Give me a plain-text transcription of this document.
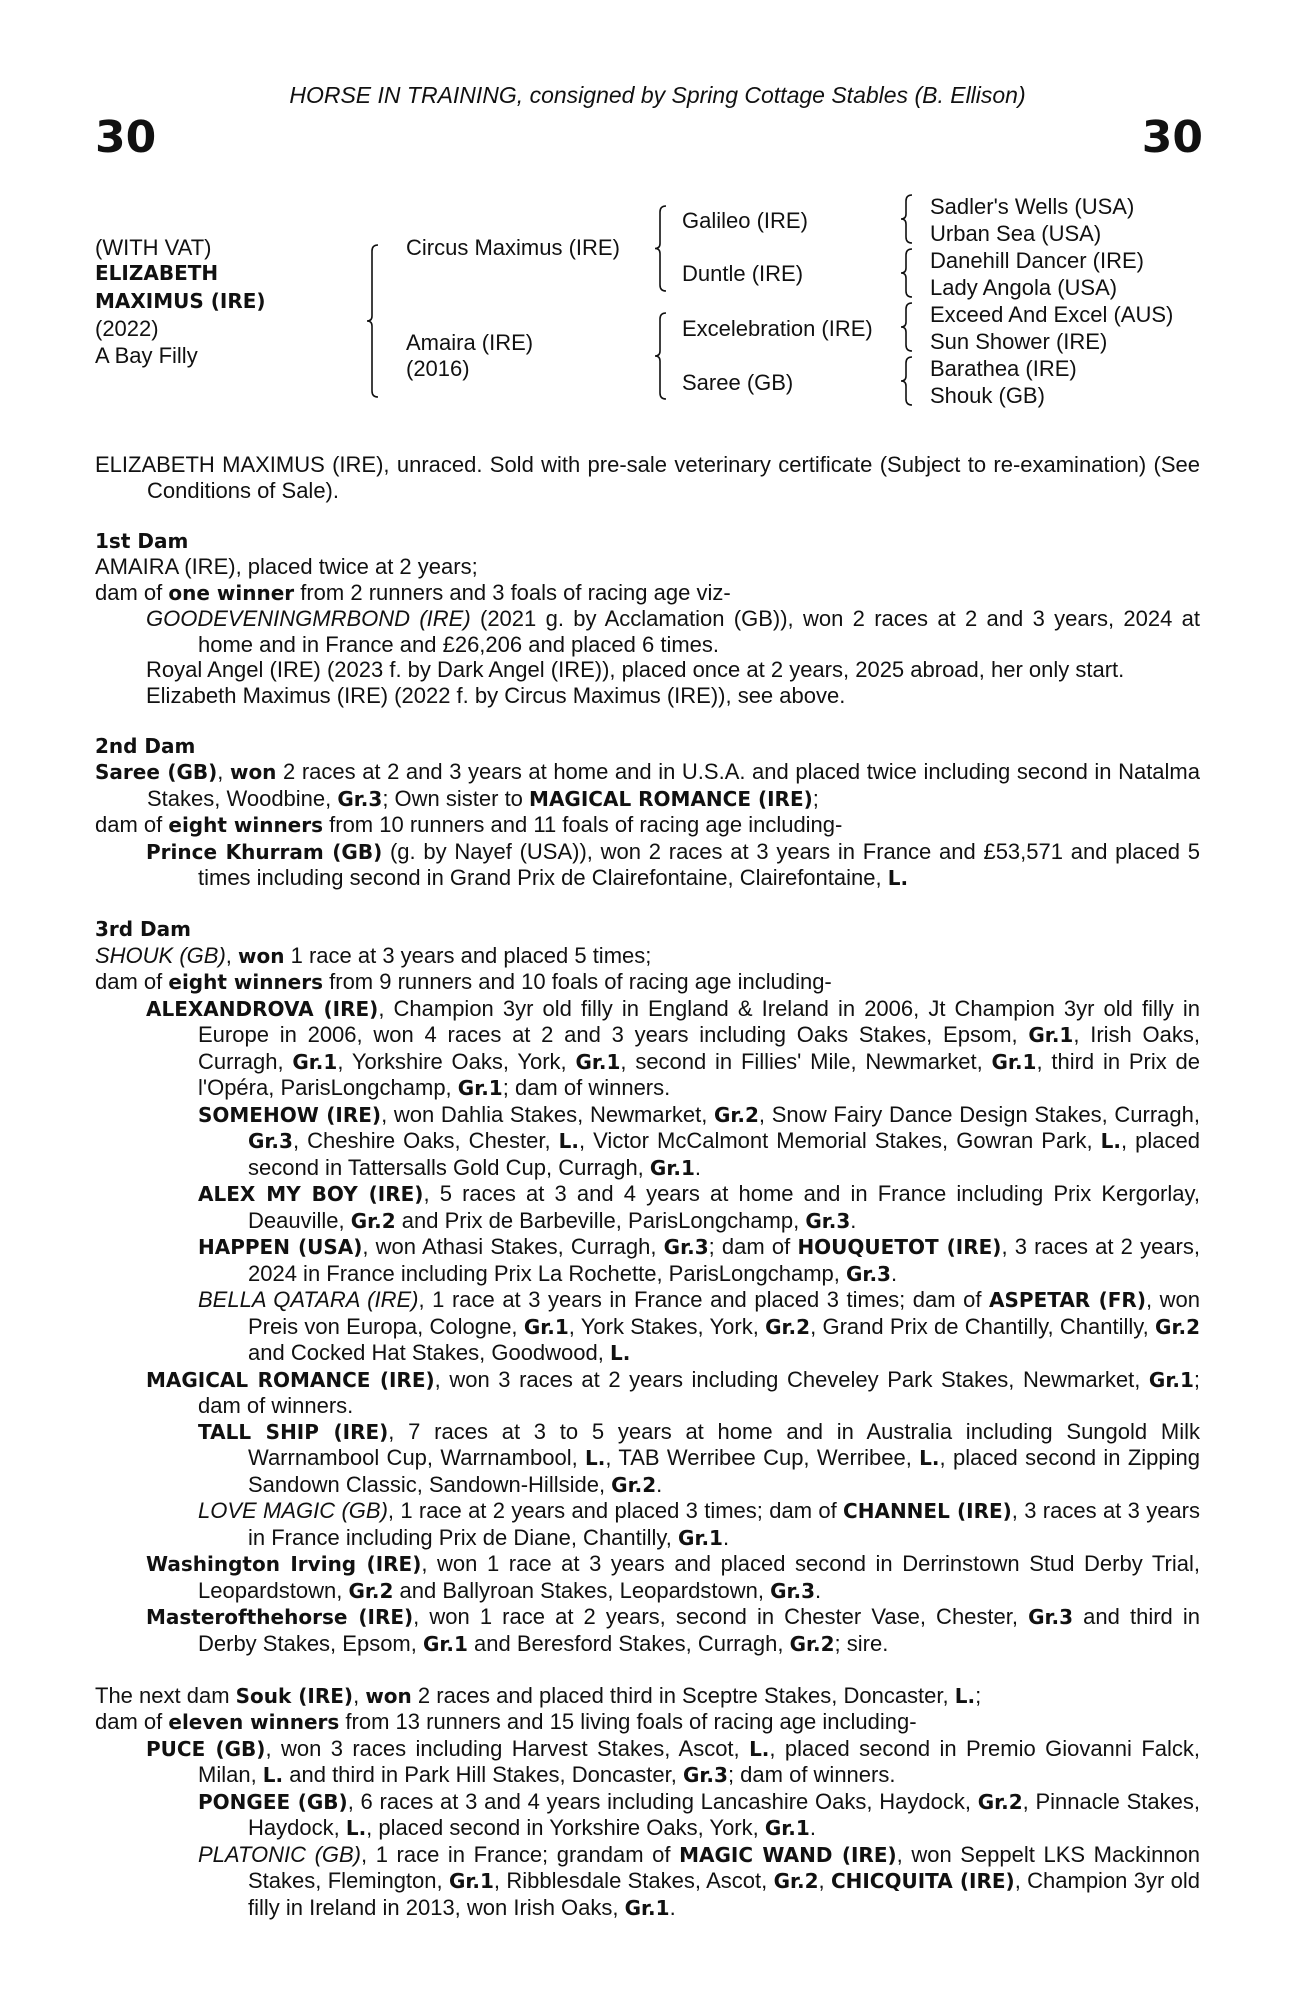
HORSE IN TRAINING, consigned by Spring Cottage Stables (B. Ellison)
30	30
(WITH VAT)
ELIZABETH
MAXIMUS (IRE)
(2022)
A Bay Filly
Circus Maximus (IRE)
Amaira (IRE)
(2016)
Galileo (IRE)
Duntle (IRE)
Excelebration (IRE)
Saree (GB)
Sadler's Wells (USA)
Urban Sea (USA)
Danehill Dancer (IRE)
Lady Angola (USA)
Exceed And Excel (AUS)
Sun Shower (IRE)
Barathea (IRE)
Shouk (GB)
ELIZABETH MAXIMUS (IRE), unraced. Sold with pre-sale veterinary certificate (Subject to re-examination) (See Conditions of Sale).
1st Dam
AMAIRA (IRE), placed twice at 2 years;
dam of one winner from 2 runners and 3 foals of racing age viz-
GOODEVENINGMRBOND (IRE) (2021 g. by Acclamation (GB)), won 2 races at 2 and 3 years, 2024 at home and in France and £26,206 and placed 6 times.
Royal Angel (IRE) (2023 f. by Dark Angel (IRE)), placed once at 2 years, 2025 abroad, her only start.
Elizabeth Maximus (IRE) (2022 f. by Circus Maximus (IRE)), see above.
2nd Dam
Saree (GB), won 2 races at 2 and 3 years at home and in U.S.A. and placed twice including second in Natalma Stakes, Woodbine, Gr.3; Own sister to MAGICAL ROMANCE (IRE);
dam of eight winners from 10 runners and 11 foals of racing age including-
Prince Khurram (GB) (g. by Nayef (USA)), won 2 races at 3 years in France and £53,571 and placed 5 times including second in Grand Prix de Clairefontaine, Clairefontaine, L.
3rd Dam
SHOUK (GB), won 1 race at 3 years and placed 5 times;
dam of eight winners from 9 runners and 10 foals of racing age including-
ALEXANDROVA (IRE), Champion 3yr old filly in England & Ireland in 2006, Jt Champion 3yr old filly in Europe in 2006, won 4 races at 2 and 3 years including Oaks Stakes, Epsom, Gr.1, Irish Oaks, Curragh, Gr.1, Yorkshire Oaks, York, Gr.1, second in Fillies' Mile, Newmarket, Gr.1, third in Prix de l'Opéra, ParisLongchamp, Gr.1; dam of winners.
SOMEHOW (IRE), won Dahlia Stakes, Newmarket, Gr.2, Snow Fairy Dance Design Stakes, Curragh, Gr.3, Cheshire Oaks, Chester, L., Victor McCalmont Memorial Stakes, Gowran Park, L., placed second in Tattersalls Gold Cup, Curragh, Gr.1.
ALEX MY BOY (IRE), 5 races at 3 and 4 years at home and in France including Prix Kergorlay, Deauville, Gr.2 and Prix de Barbeville, ParisLongchamp, Gr.3.
HAPPEN (USA), won Athasi Stakes, Curragh, Gr.3; dam of HOUQUETOT (IRE), 3 races at 2 years, 2024 in France including Prix La Rochette, ParisLongchamp, Gr.3.
BELLA QATARA (IRE), 1 race at 3 years in France and placed 3 times; dam of ASPETAR (FR), won Preis von Europa, Cologne, Gr.1, York Stakes, York, Gr.2, Grand Prix de Chantilly, Chantilly, Gr.2 and Cocked Hat Stakes, Goodwood, L.
MAGICAL ROMANCE (IRE), won 3 races at 2 years including Cheveley Park Stakes, Newmarket, Gr.1; dam of winners.
TALL SHIP (IRE), 7 races at 3 to 5 years at home and in Australia including Sungold Milk Warrnambool Cup, Warrnambool, L., TAB Werribee Cup, Werribee, L., placed second in Zipping Sandown Classic, Sandown-Hillside, Gr.2.
LOVE MAGIC (GB), 1 race at 2 years and placed 3 times; dam of CHANNEL (IRE), 3 races at 3 years in France including Prix de Diane, Chantilly, Gr.1.
Washington Irving (IRE), won 1 race at 3 years and placed second in Derrinstown Stud Derby Trial, Leopardstown, Gr.2 and Ballyroan Stakes, Leopardstown, Gr.3.
Masterofthehorse (IRE), won 1 race at 2 years, second in Chester Vase, Chester, Gr.3 and third in Derby Stakes, Epsom, Gr.1 and Beresford Stakes, Curragh, Gr.2; sire.
The next dam Souk (IRE), won 2 races and placed third in Sceptre Stakes, Doncaster, L.;
dam of eleven winners from 13 runners and 15 living foals of racing age including-
PUCE (GB), won 3 races including Harvest Stakes, Ascot, L., placed second in Premio Giovanni Falck, Milan, L. and third in Park Hill Stakes, Doncaster, Gr.3; dam of winners.
PONGEE (GB), 6 races at 3 and 4 years including Lancashire Oaks, Haydock, Gr.2, Pinnacle Stakes, Haydock, L., placed second in Yorkshire Oaks, York, Gr.1.
PLATONIC (GB), 1 race in France; grandam of MAGIC WAND (IRE), won Seppelt LKS Mackinnon Stakes, Flemington, Gr.1, Ribblesdale Stakes, Ascot, Gr.2, CHICQUITA (IRE), Champion 3yr old filly in Ireland in 2013, won Irish Oaks, Gr.1.
